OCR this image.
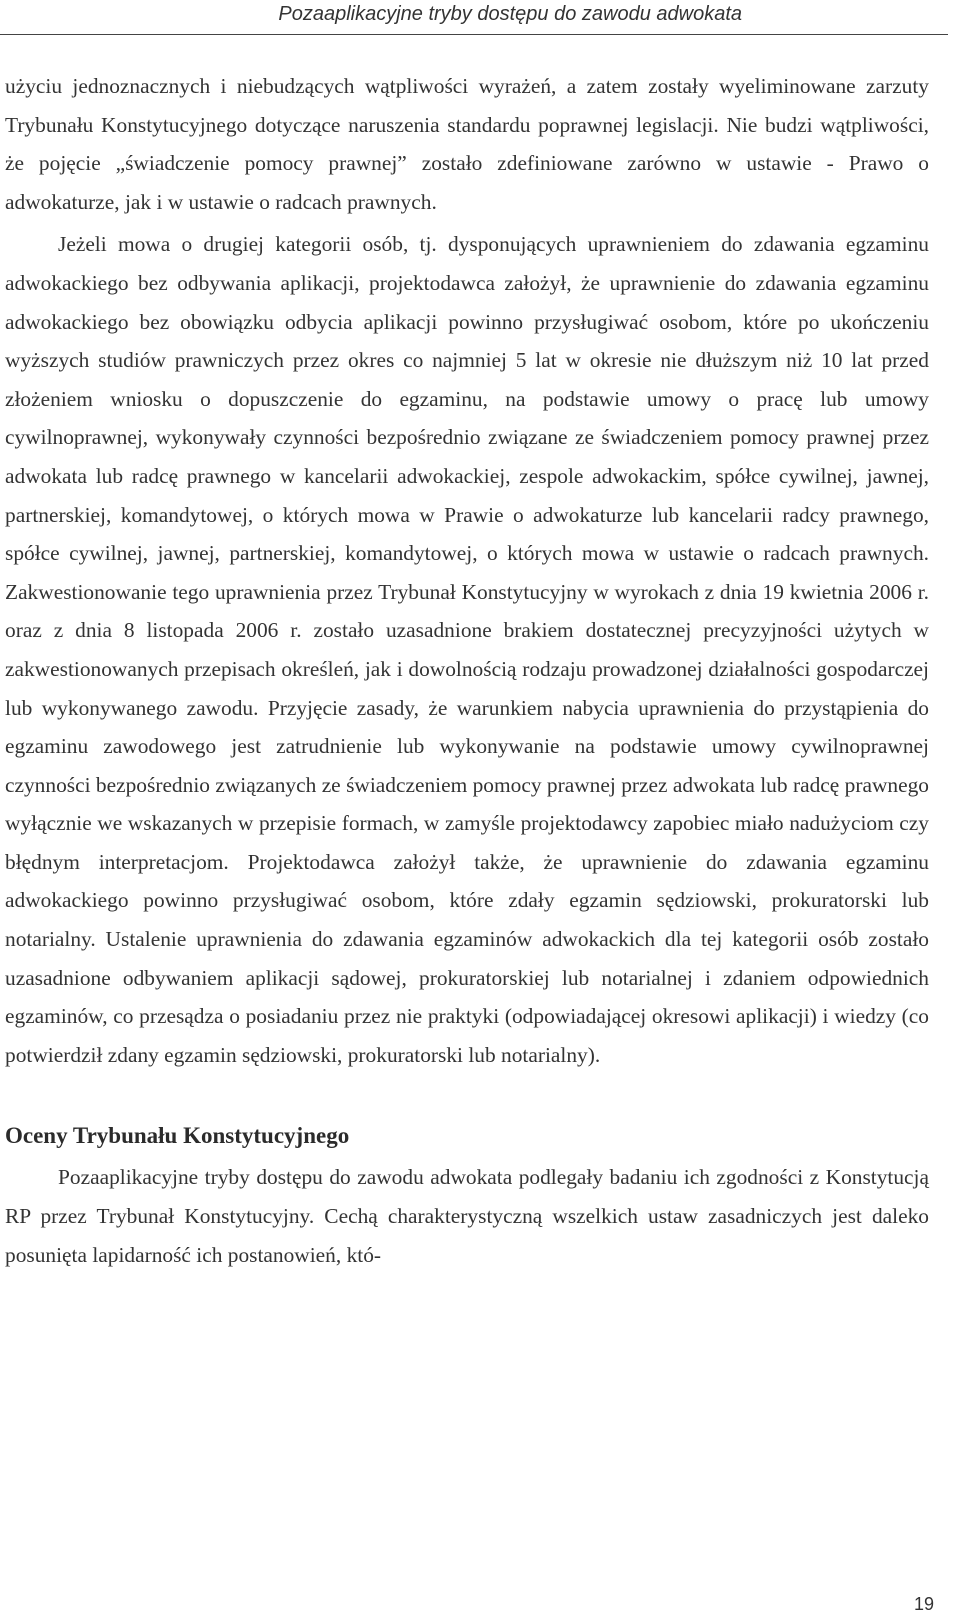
Pozaaplikacyjne tryby dostępu do zawodu adwokata

użyciu jednoznacznych i niebudzących wątpliwości wyrażeń, a zatem zostały wyeliminowane zarzuty Trybunału Konstytucyjnego dotyczące naruszenia standardu poprawnej legislacji. Nie budzi wątpliwości, że pojęcie „świadczenie pomocy prawnej” zostało zdefiniowane zarówno w ustawie - Prawo o adwokaturze, jak i w ustawie o radcach prawnych.

Jeżeli mowa o drugiej kategorii osób, tj. dysponujących uprawnieniem do zdawania egzaminu adwokackiego bez odbywania aplikacji, projektodawca założył, że uprawnienie do zdawania egzaminu adwokackiego bez obowiązku odbycia aplikacji powinno przysługiwać osobom, które po ukończeniu wyższych studiów prawniczych przez okres co najmniej 5 lat w okresie nie dłuższym niż 10 lat przed złożeniem wniosku o dopuszczenie do egzaminu, na podstawie umowy o pracę lub umowy cywilnoprawnej, wykonywały czynności bezpośrednio związane ze świadczeniem pomocy prawnej przez adwokata lub radcę prawnego w kancelarii adwokackiej, zespole adwokackim, spółce cywilnej, jawnej, partnerskiej, komandytowej, o których mowa w Prawie o adwokaturze lub kancelarii radcy prawnego, spółce cywilnej, jawnej, partnerskiej, komandytowej, o których mowa w ustawie o radcach prawnych. Zakwestionowanie tego uprawnienia przez Trybunał Konstytucyjny w wyrokach z dnia 19 kwietnia 2006 r. oraz z dnia 8 listopada 2006 r. zostało uzasadnione brakiem dostatecznej precyzyjności użytych w zakwestionowanych przepisach określeń, jak i dowolnością rodzaju prowadzonej działalności gospodarczej lub wykonywanego zawodu. Przyjęcie zasady, że warunkiem nabycia uprawnienia do przystąpienia do egzaminu zawodowego jest zatrudnienie lub wykonywanie na podstawie umowy cywilnoprawnej czynności bezpośrednio związanych ze świadczeniem pomocy prawnej przez adwokata lub radcę prawnego wyłącznie we wskazanych w przepisie formach, w zamyśle projektodawcy zapobiec miało nadużyciom czy błędnym interpretacjom. Projektodawca założył także, że uprawnienie do zdawania egzaminu adwokackiego powinno przysługiwać osobom, które zdały egzamin sędziowski, prokuratorski lub notarialny. Ustalenie uprawnienia do zdawania egzaminów adwokackich dla tej kategorii osób zostało uzasadnione odbywaniem aplikacji sądowej, prokuratorskiej lub notarialnej i zdaniem odpowiednich egzaminów, co przesądza o posiadaniu przez nie praktyki (odpowiadającej okresowi aplikacji) i wiedzy (co potwierdził zdany egzamin sędziowski, prokuratorski lub notarialny).

Oceny Trybunału Konstytucyjnego

Pozaaplikacyjne tryby dostępu do zawodu adwokata podlegały badaniu ich zgodności z Konstytucją RP przez Trybunał Konstytucyjny. Cechą charakterystyczną wszelkich ustaw zasadniczych jest daleko posunięta lapidarność ich postanowień, któ-

19
